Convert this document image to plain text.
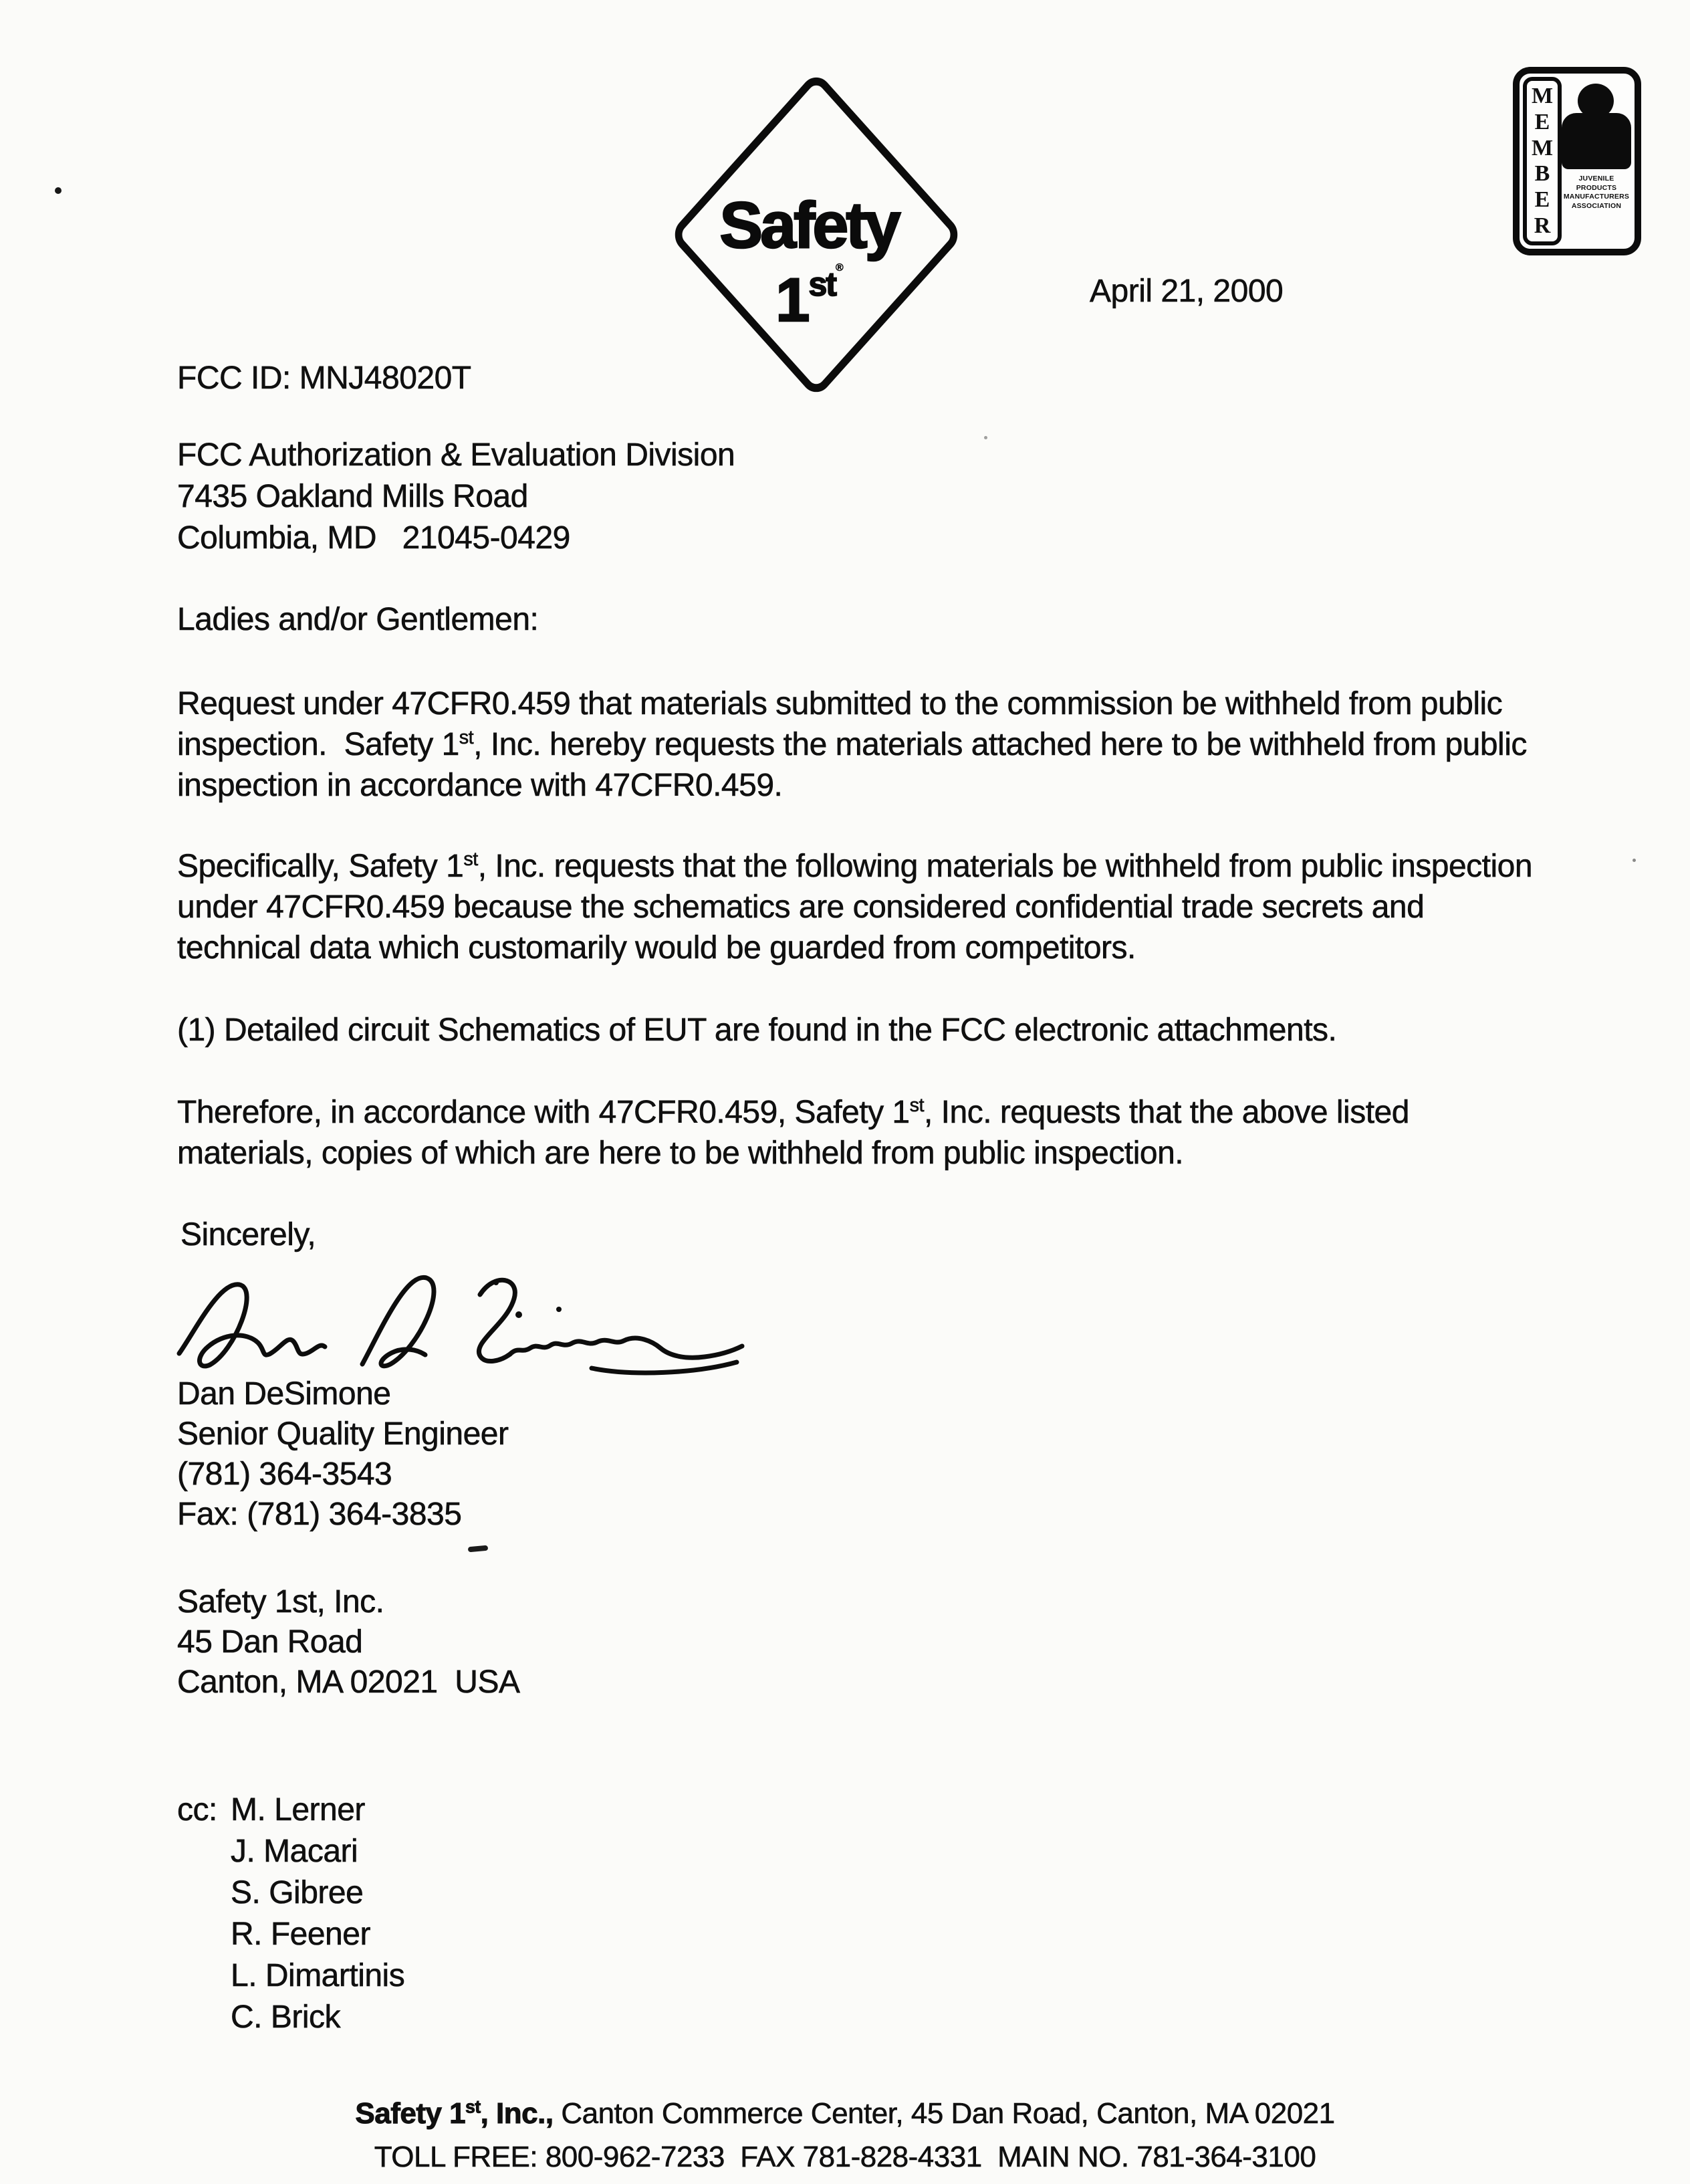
Safety
$1^{st®}$
M
E
M
B
E
R
JUVENILE
PRODUCTS
MANUFACTURERS
ASSOCIATION
April 21, 2000
FCC ID: MNJ48020T
FCC Authorization & Evaluation Division
7435 Oakland Mills Road
Columbia, MD   21045-0429
Ladies and/or Gentlemen:
Request under 47CFR0.459 that materials submitted to the commission be withheld from public inspection.  Safety 1st, Inc. hereby requests the materials attached here to be withheld from public inspection in accordance with 47CFR0.459.
Specifically, Safety 1st, Inc. requests that the following materials be withheld from public inspection under 47CFR0.459 because the schematics are considered confidential trade secrets and technical data which customarily would be guarded from competitors.
(1) Detailed circuit Schematics of EUT are found in the FCC electronic attachments.
Therefore, in accordance with 47CFR0.459, Safety 1st, Inc. requests that the above listed materials, copies of which are here to be withheld from public inspection.
Sincerely,
Dan DeSimone
Senior Quality Engineer
(781) 364-3543
Fax: (781) 364-3835
Safety 1st, Inc.
45 Dan Road
Canton, MA 02021  USA
cc: M. Lerner
J. Macari
S. Gibree
R. Feener
L. Dimartinis
C. Brick
Safety 1st, Inc., Canton Commerce Center, 45 Dan Road, Canton, MA 02021
TOLL FREE: 800-962-7233  FAX 781-828-4331  MAIN NO. 781-364-3100
